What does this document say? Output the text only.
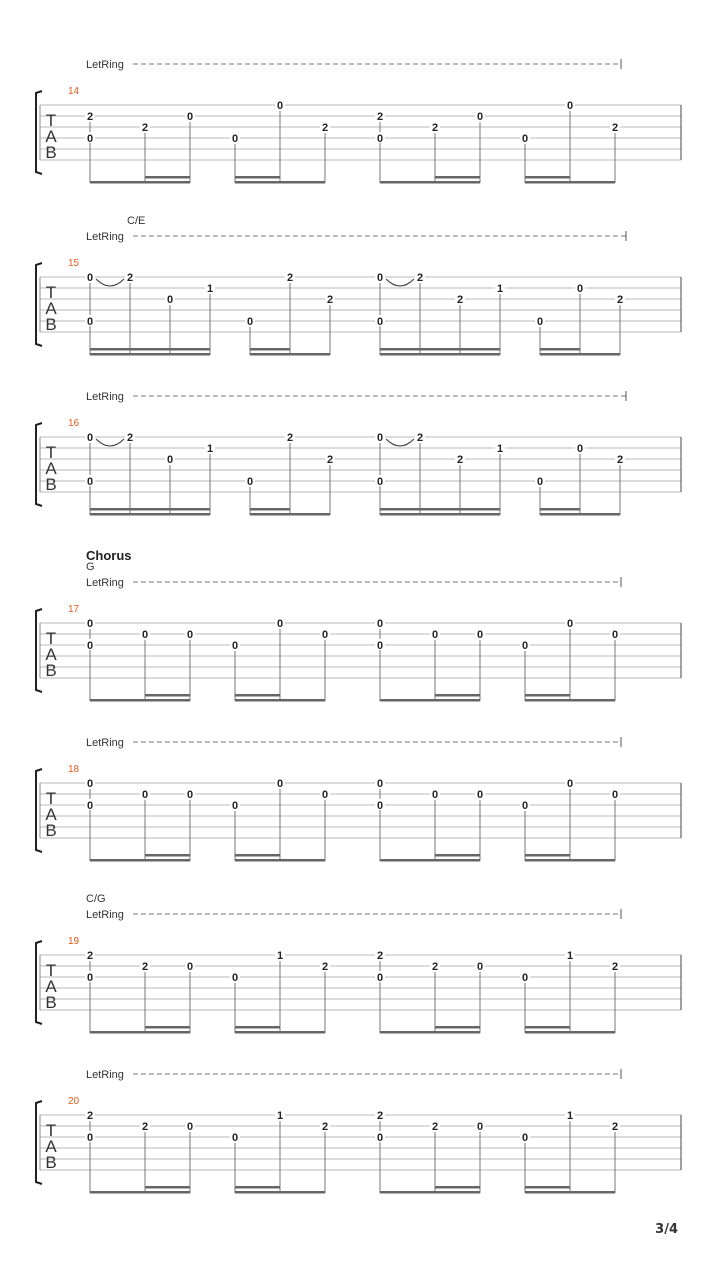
T
A
B
14
LetRing
2
0
2
0
0
0
2
2
0
2
0
0
0
2
T
A
B
15
LetRing
C/E
0
0
2
0
1
0
2
2
0
0
2
2
1
0
0
2
T
A
B
16
LetRing
0
0
2
0
1
0
2
2
0
0
2
2
1
0
0
2
T
A
B
17
LetRing
G
Chorus
0
0
0	0
0
0
0
0
0
0	0
0
0
0
T
A
B
18
LetRing
0
0
0	0
0
0
0
0
0
0	0
0
0
0
T
A
B
19
LetRing
C/G
2
0
2	0
0
1
2
2
0
2	0
0
1
2
T
A
B
20
LetRing
2
0
2	0
0
1
2
2
0
2	0
0
1
2
3/4
